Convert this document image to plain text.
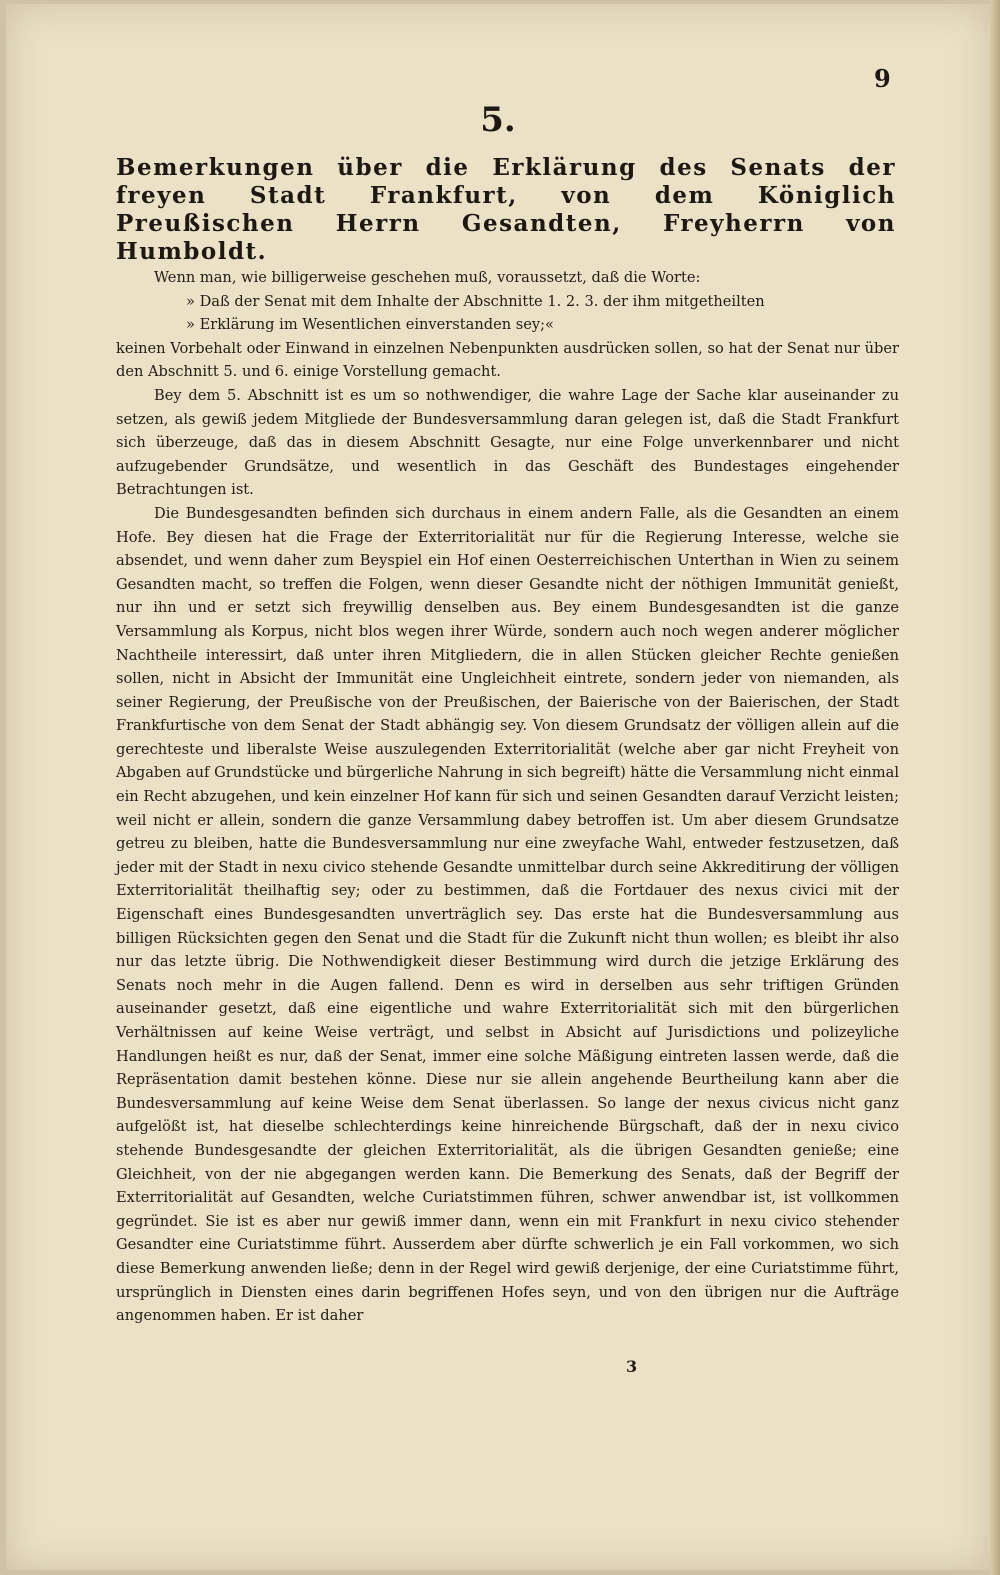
9
5.
Bemerkungen über die Erklärung des Senats der freyen Stadt Frankfurt, von dem Königlich Preußischen Herrn Gesandten, Freyherrn von Humboldt.

Wenn man, wie billigerweise geschehen muß, voraussetzt, daß die Worte:

» Daß der Senat mit dem Inhalte der Abschnitte 1. 2. 3. der ihm mitgetheilten
» Erklärung im Wesentlichen einverstanden sey;«

keinen Vorbehalt oder Einwand in einzelnen Nebenpunkten ausdrücken sollen, so hat der Senat nur über den Abschnitt 5. und 6. einige Vorstellung gemacht.

Bey dem 5. Abschnitt ist es um so nothwendiger, die wahre Lage der Sache klar auseinander zu setzen, als gewiß jedem Mitgliede der Bundesversammlung daran gelegen ist, daß die Stadt Frankfurt sich überzeuge, daß das in diesem Abschnitt Gesagte, nur eine Folge unverkennbarer und nicht aufzugebender Grundsätze, und wesentlich in das Geschäft des Bundestages eingehender Betrachtungen ist.

Die Bundesgesandten befinden sich durchaus in einem andern Falle, als die Gesandten an einem Hofe. Bey diesen hat die Frage der Exterritorialität nur für die Regierung Interesse, welche sie absendet, und wenn daher zum Beyspiel ein Hof einen Oesterreichischen Unterthan in Wien zu seinem Gesandten macht, so treffen die Folgen, wenn dieser Gesandte nicht der nöthigen Immunität genießt, nur ihn und er setzt sich freywillig denselben aus. Bey einem Bundesgesandten ist die ganze Versammlung als Korpus, nicht blos wegen ihrer Würde, sondern auch noch wegen anderer möglicher Nachtheile interessirt, daß unter ihren Mitgliedern, die in allen Stücken gleicher Rechte genießen sollen, nicht in Absicht der Immunität eine Ungleichheit eintrete, sondern jeder von niemanden, als seiner Regierung, der Preußische von der Preußischen, der Baierische von der Baierischen, der Stadt Frankfurtische von dem Senat der Stadt abhängig sey. Von diesem Grundsatz der völligen allein auf die gerechteste und liberalste Weise auszulegenden Exterritorialität (welche aber gar nicht Freyheit von Abgaben auf Grundstücke und bürgerliche Nahrung in sich begreift) hätte die Versammlung nicht einmal ein Recht abzugehen, und kein einzelner Hof kann für sich und seinen Gesandten darauf Verzicht leisten; weil nicht er allein, sondern die ganze Versammlung dabey betroffen ist. Um aber diesem Grundsatze getreu zu bleiben, hatte die Bundesversammlung nur eine zweyfache Wahl, entweder festzusetzen, daß jeder mit der Stadt in nexu civico stehende Gesandte unmittelbar durch seine Akkreditirung der völligen Exterritorialität theilhaftig sey; oder zu bestimmen, daß die Fortdauer des nexus civici mit der Eigenschaft eines Bundesgesandten unverträglich sey. Das erste hat die Bundesversammlung aus billigen Rücksichten gegen den Senat und die Stadt für die Zukunft nicht thun wollen; es bleibt ihr also nur das letzte übrig. Die Nothwendigkeit dieser Bestimmung wird durch die jetzige Erklärung des Senats noch mehr in die Augen fallend. Denn es wird in derselben aus sehr triftigen Gründen auseinander gesetzt, daß eine eigentliche und wahre Exterritorialität sich mit den bürgerlichen Verhältnissen auf keine Weise verträgt, und selbst in Absicht auf Jurisdictions und polizeyliche Handlungen heißt es nur, daß der Senat, immer eine solche Mäßigung eintreten lassen werde, daß die Repräsentation damit bestehen könne. Diese nur sie allein angehende Beurtheilung kann aber die Bundesversammlung auf keine Weise dem Senat überlassen. So lange der nexus civicus nicht ganz aufgelößt ist, hat dieselbe schlechterdings keine hinreichende Bürgschaft, daß der in nexu civico stehende Bundesgesandte der gleichen Exterritorialität, als die übrigen Gesandten genieße; eine Gleichheit, von der nie abgegangen werden kann. Die Bemerkung des Senats, daß der Begriff der Exterritorialität auf Gesandten, welche Curiatstimmen führen, schwer anwendbar ist, ist vollkommen gegründet. Sie ist es aber nur gewiß immer dann, wenn ein mit Frankfurt in nexu civico stehender Gesandter eine Curiatstimme führt. Ausserdem aber dürfte schwerlich je ein Fall vorkommen, wo sich diese Bemerkung anwenden ließe; denn in der Regel wird gewiß derjenige, der eine Curiatstimme führt, ursprünglich in Diensten eines darin begriffenen Hofes seyn, und von den übrigen nur die Aufträge angenommen haben. Er ist daher

3
